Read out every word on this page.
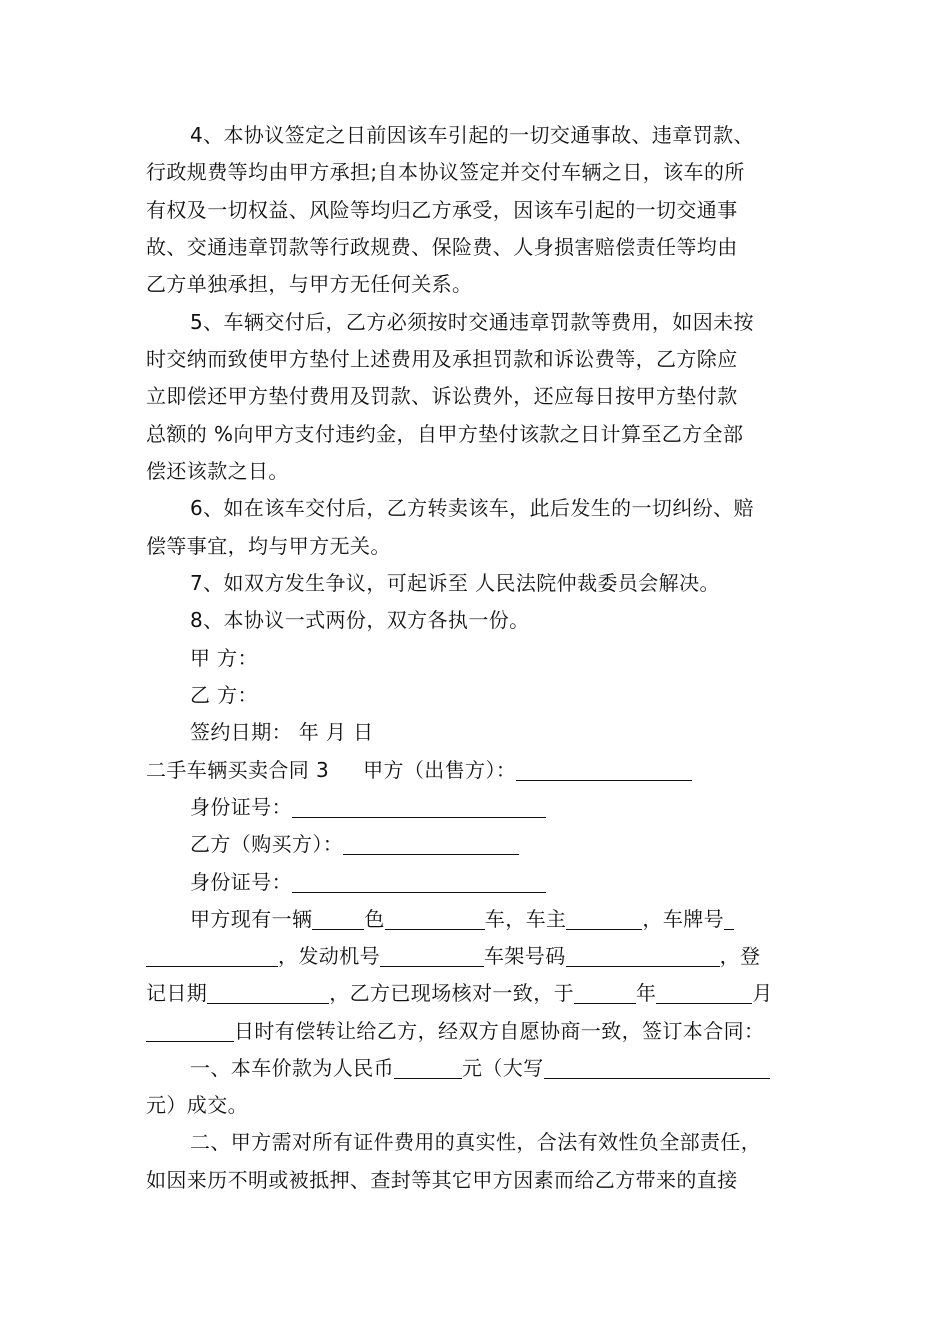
4、本协议签定之日前因该车引起的一切交通事故、违章罚款、
行政规费等均由甲方承担;自本协议签定并交付车辆之日，该车的所
有权及一切权益、风险等均归乙方承受，因该车引起的一切交通事
故、交通违章罚款等行政规费、保险费、人身损害赔偿责任等均由
乙方单独承担，与甲方无任何关系。
5、车辆交付后，乙方必须按时交通违章罚款等费用，如因未按
时交纳而致使甲方垫付上述费用及承担罚款和诉讼费等，乙方除应
立即偿还甲方垫付费用及罚款、诉讼费外，还应每日按甲方垫付款
总额的 %向甲方支付违约金，自甲方垫付该款之日计算至乙方全部
偿还该款之日。
6、如在该车交付后，乙方转卖该车，此后发生的一切纠纷、赔
偿等事宜，均与甲方无关。
7、如双方发生争议，可起诉至 人民法院仲裁委员会解决。
8、本协议一式两份，双方各执一份。
甲 方：
乙 方：
签约日期： 年 月 日
二手车辆买卖合同 3 甲方（出售方）：
身份证号：
乙方（购买方）：
身份证号：
甲方现有一辆	色	车，车主	，车牌号
，发动机号	车架号码	，登
记日期	，乙方已现场核对一致，于	年	月
日时有偿转让给乙方，经双方自愿协商一致，签订本合同：
一、本车价款为人民币	元（大写
元）成交。
二、甲方需对所有证件费用的真实性，合法有效性负全部责任，
如因来历不明或被抵押、查封等其它甲方因素而给乙方带来的直接
